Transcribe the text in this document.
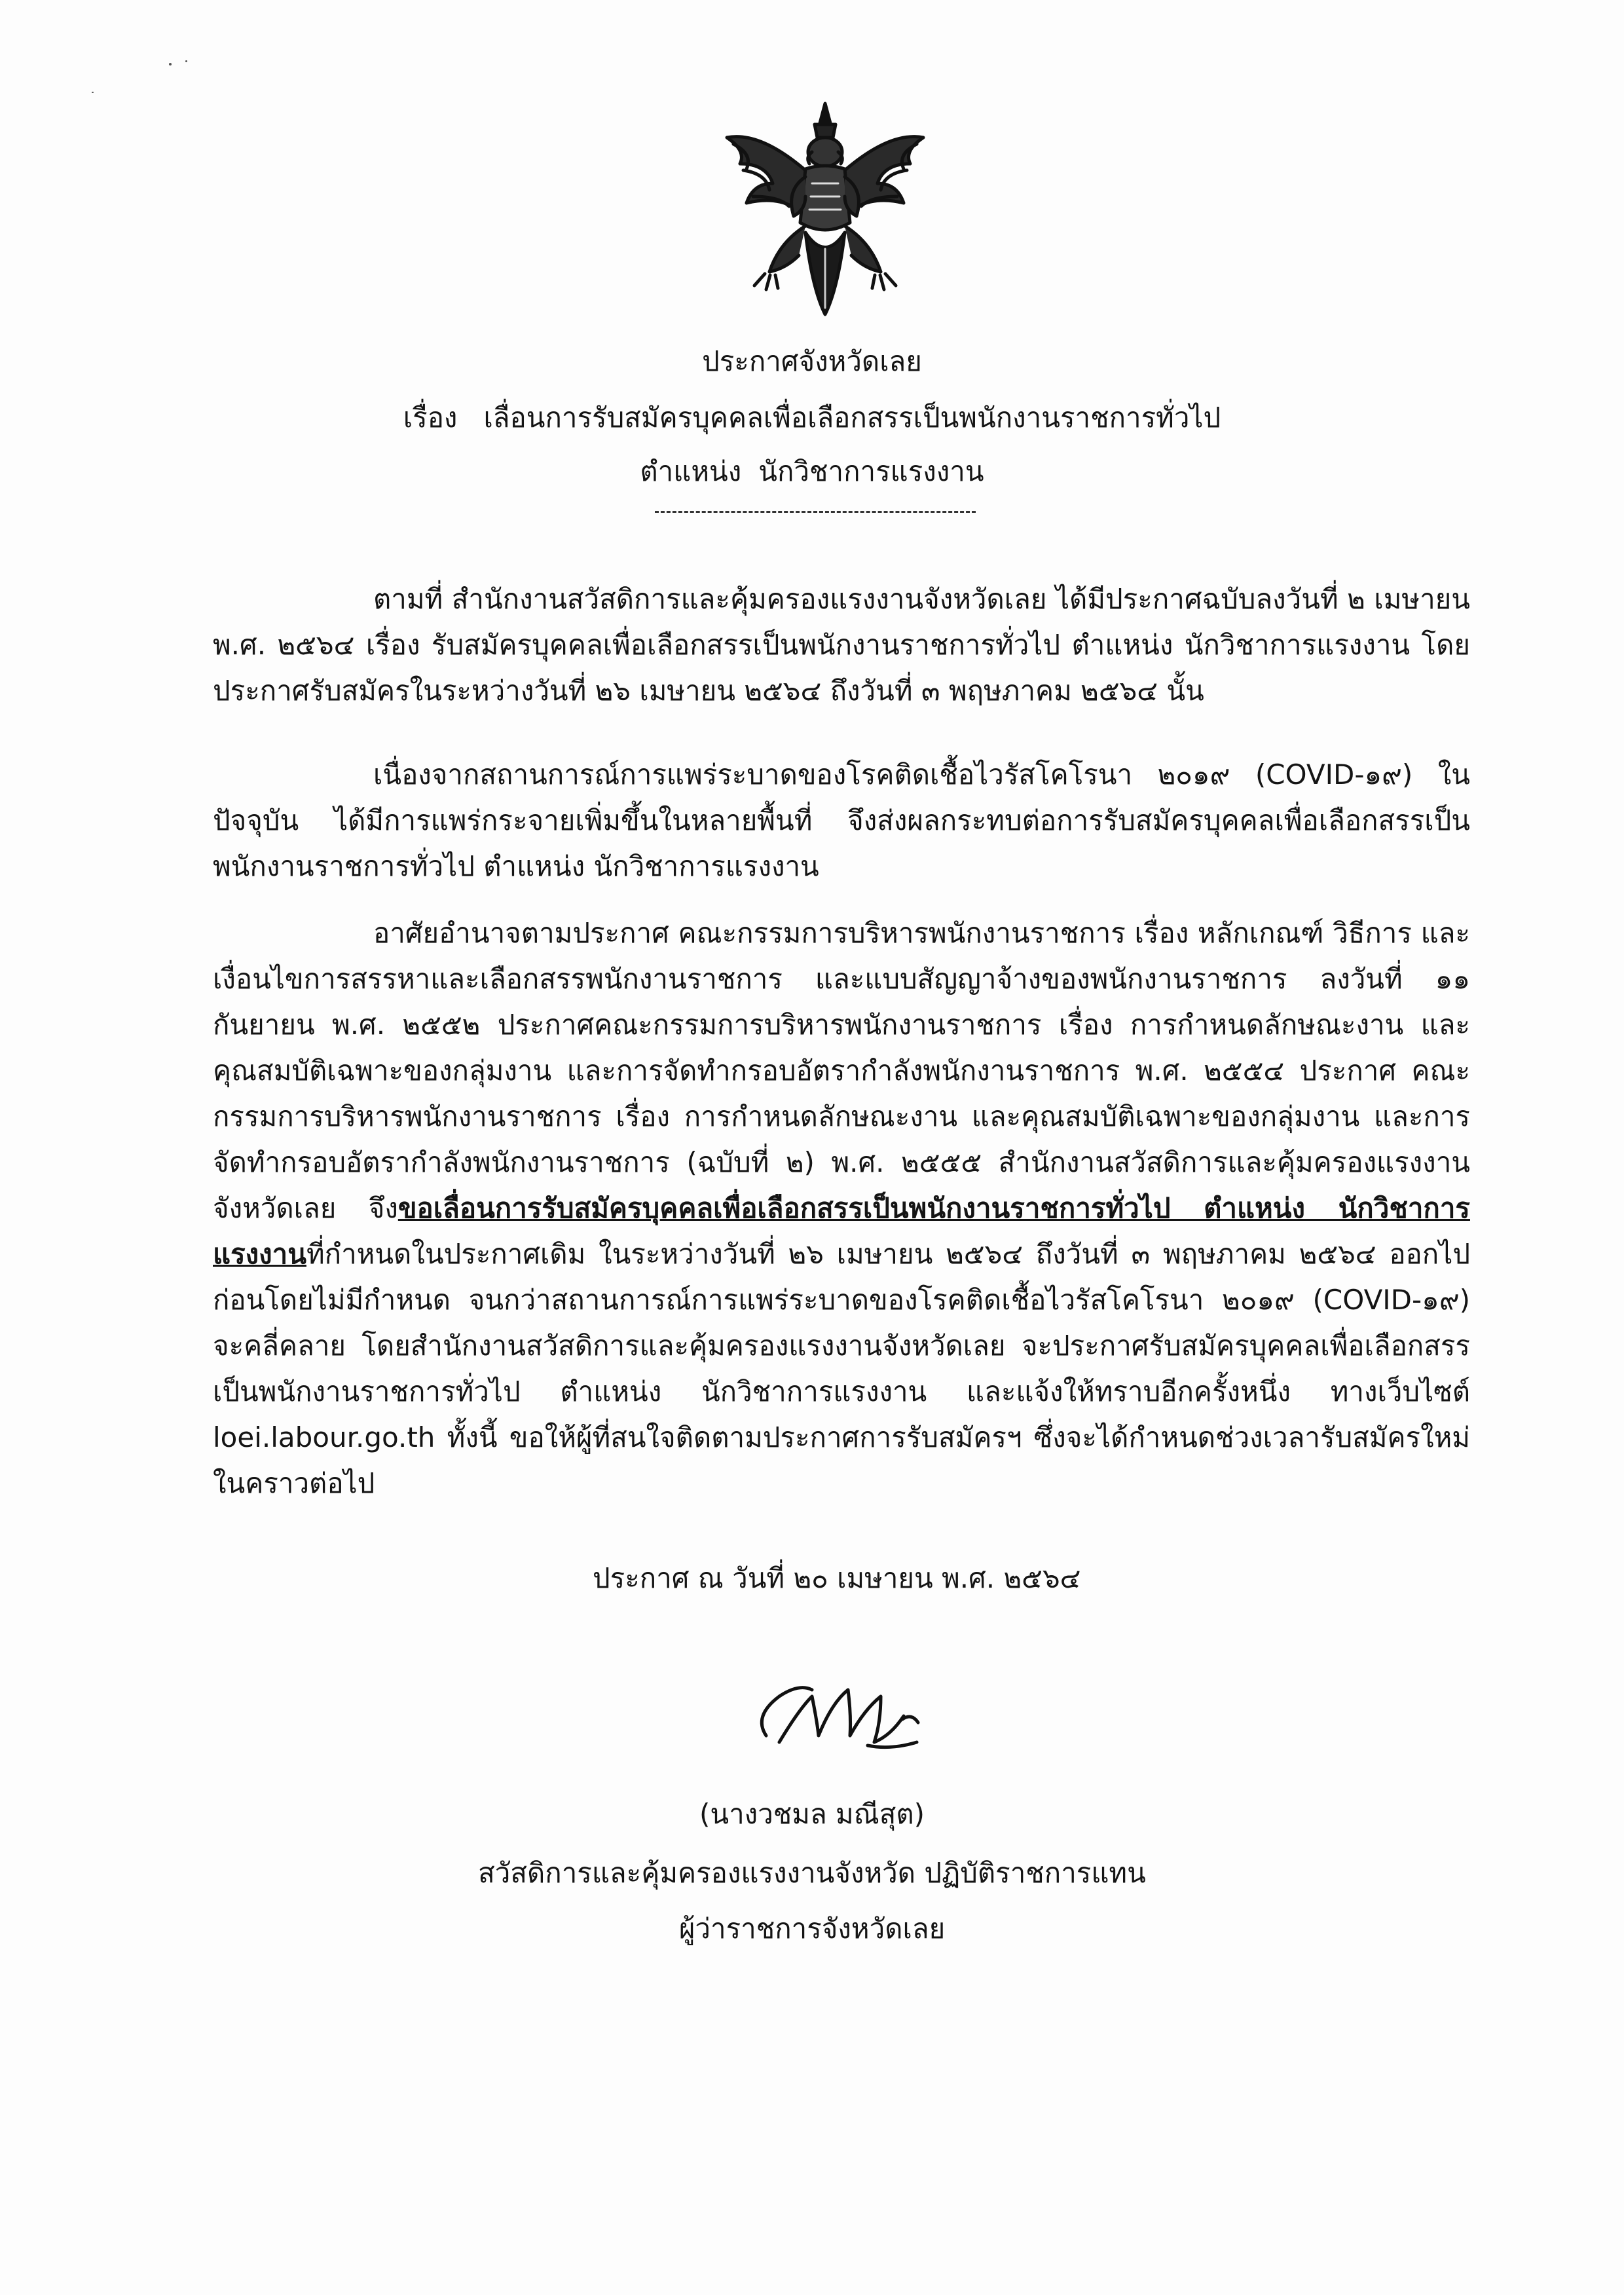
ประกาศจังหวัดเลย
เรื่อง เลื่อนการรับสมัครบุคคลเพื่อเลือกสรรเป็นพนักงานราชการทั่วไป
ตำแหน่ง นักวิชาการแรงงาน
ตามที่ สำนักงานสวัสดิการและคุ้มครองแรงงานจังหวัดเลย ได้มีประกาศฉบับลงวันที่ ๒ เมษายน พ.ศ. ๒๕๖๔ เรื่อง รับสมัครบุคคลเพื่อเลือกสรรเป็นพนักงานราชการทั่วไป ตำแหน่ง นักวิชาการแรงงาน โดยประกาศรับสมัครในระหว่างวันที่ ๒๖ เมษายน ๒๕๖๔ ถึงวันที่ ๓ พฤษภาคม ๒๕๖๔ นั้น
เนื่องจากสถานการณ์การแพร่ระบาดของโรคติดเชื้อไวรัสโคโรนา ๒๐๑๙ (COVID-๑๙) ในปัจจุบัน ได้มีการแพร่กระจายเพิ่มขึ้นในหลายพื้นที่ จึงส่งผลกระทบต่อการรับสมัครบุคคลเพื่อเลือกสรรเป็นพนักงานราชการทั่วไป ตำแหน่ง นักวิชาการแรงงาน
อาศัยอำนาจตามประกาศ คณะกรรมการบริหารพนักงานราชการ เรื่อง หลักเกณฑ์ วิธีการ และเงื่อนไขการสรรหาและเลือกสรรพนักงานราชการ และแบบสัญญาจ้างของพนักงานราชการ ลงวันที่ ๑๑ กันยายน พ.ศ. ๒๕๕๒ ประกาศคณะกรรมการบริหารพนักงานราชการ เรื่อง การกำหนดลักษณะงาน และคุณสมบัติเฉพาะของกลุ่มงาน และการจัดทำกรอบอัตรากำลังพนักงานราชการ พ.ศ. ๒๕๕๔ ประกาศ คณะกรรมการบริหารพนักงานราชการ เรื่อง การกำหนดลักษณะงาน และคุณสมบัติเฉพาะของกลุ่มงาน และการจัดทำกรอบอัตรากำลังพนักงานราชการ (ฉบับที่ ๒) พ.ศ. ๒๕๕๕ สำนักงานสวัสดิการและคุ้มครองแรงงานจังหวัดเลย จึงขอเลื่อนการรับสมัครบุคคลเพื่อเลือกสรรเป็นพนักงานราชการทั่วไป ตำแหน่ง นักวิชาการแรงงานที่กำหนดในประกาศเดิม ในระหว่างวันที่ ๒๖ เมษายน ๒๕๖๔ ถึงวันที่ ๓ พฤษภาคม ๒๕๖๔ ออกไปก่อนโดยไม่มีกำหนด จนกว่าสถานการณ์การแพร่ระบาดของโรคติดเชื้อไวรัสโคโรนา ๒๐๑๙ (COVID-๑๙) จะคลี่คลาย โดยสำนักงานสวัสดิการและคุ้มครองแรงงานจังหวัดเลย จะประกาศรับสมัครบุคคลเพื่อเลือกสรรเป็นพนักงานราชการทั่วไป ตำแหน่ง นักวิชาการแรงงาน และแจ้งให้ทราบอีกครั้งหนึ่ง ทางเว็บไซต์ loei.labour.go.th ทั้งนี้ ขอให้ผู้ที่สนใจติดตามประกาศการรับสมัครฯ ซึ่งจะได้กำหนดช่วงเวลารับสมัครใหม่ในคราวต่อไป
ประกาศ ณ วันที่ ๒๐ เมษายน พ.ศ. ๒๕๖๔
(นางวชมล มณีสุต)
สวัสดิการและคุ้มครองแรงงานจังหวัด ปฏิบัติราชการแทน
ผู้ว่าราชการจังหวัดเลย
